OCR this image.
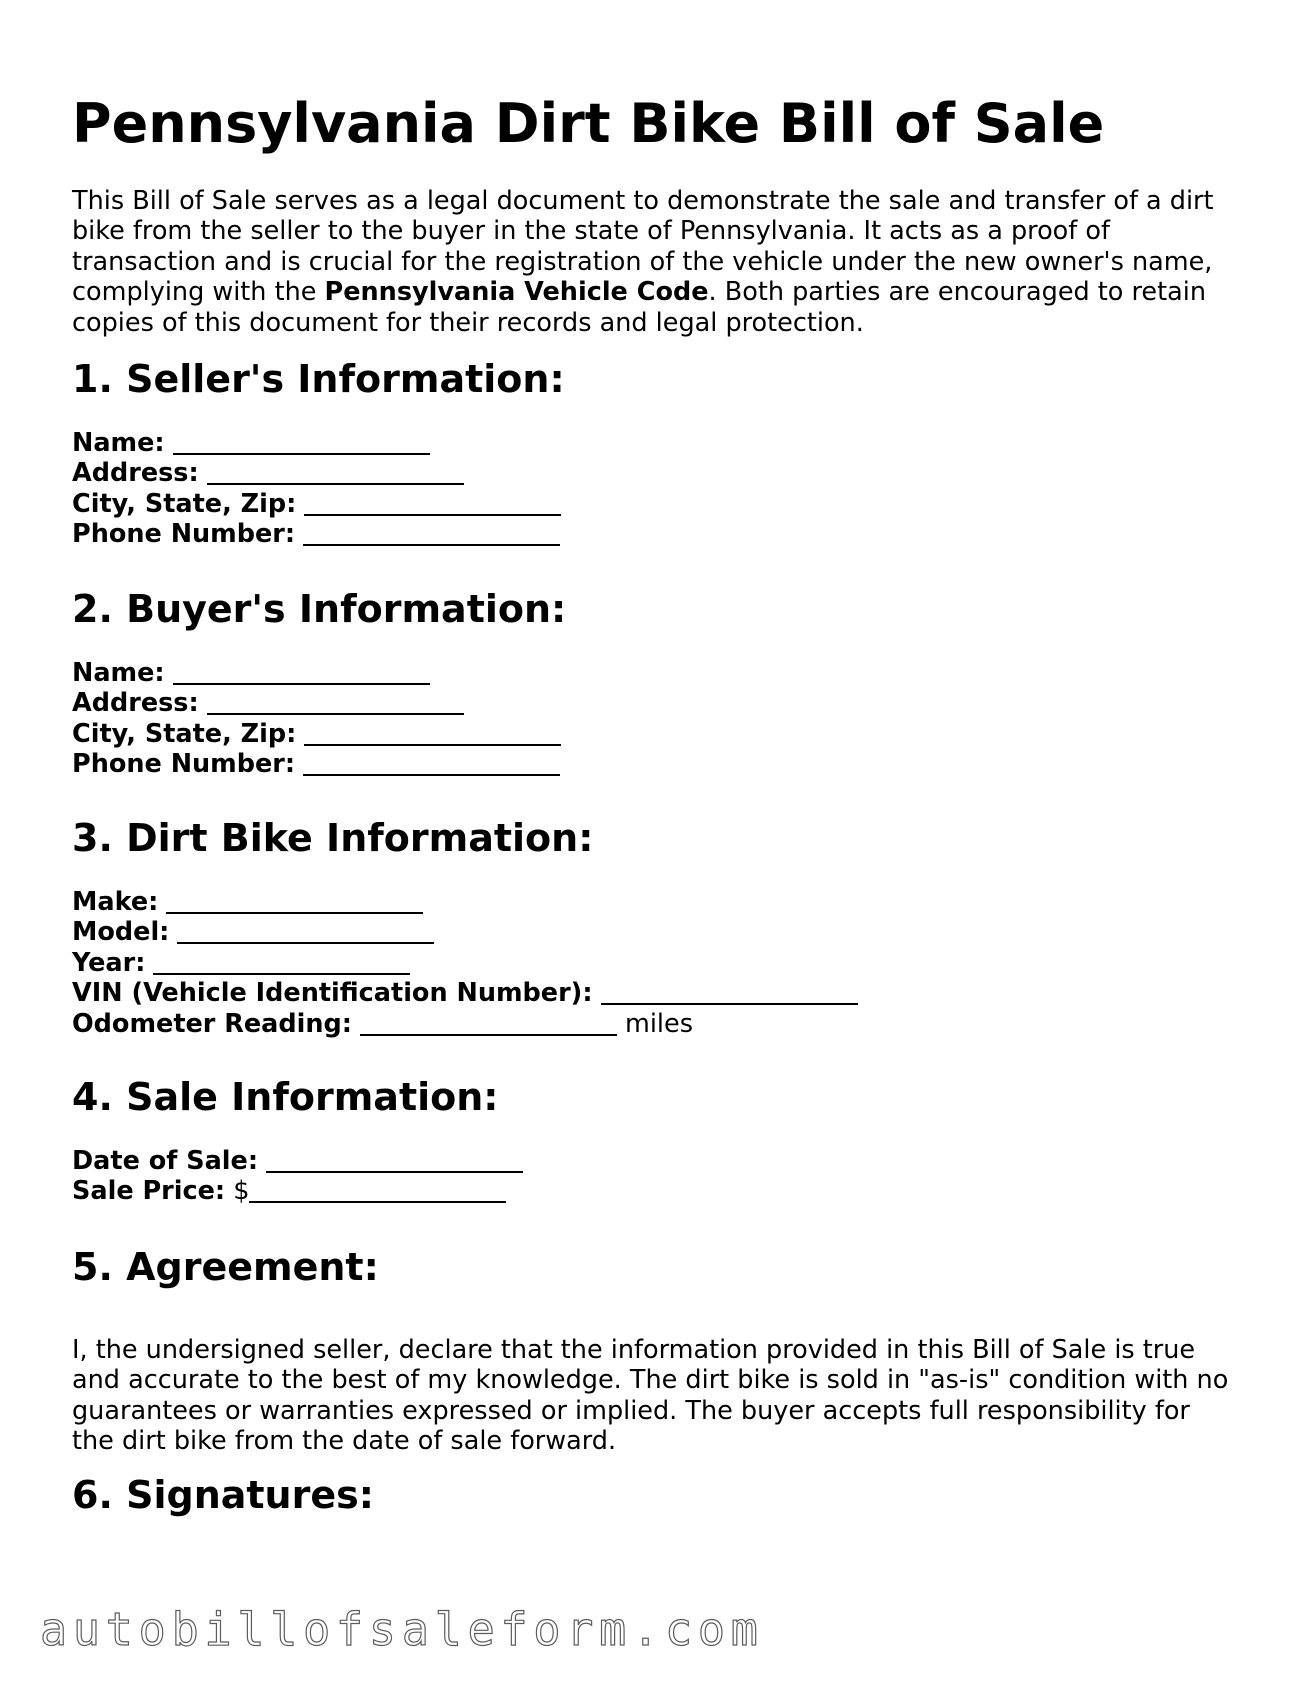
Pennsylvania Dirt Bike Bill of Sale

This Bill of Sale serves as a legal document to demonstrate the sale and transfer of a dirt bike from the seller to the buyer in the state of Pennsylvania. It acts as a proof of transaction and is crucial for the registration of the vehicle under the new owner's name, complying with the Pennsylvania Vehicle Code. Both parties are encouraged to retain copies of this document for their records and legal protection.

1. Seller's Information:
Name:
Address:
City, State, Zip:
Phone Number:
2. Buyer's Information:
Name:
Address:
City, State, Zip:
Phone Number:
3. Dirt Bike Information:
Make:
Model:
Year:
VIN (Vehicle Identification Number):
Odometer Reading:	miles
4. Sale Information:
Date of Sale:
Sale Price: $
5. Agreement:

I, the undersigned seller, declare that the information provided in this Bill of Sale is true and accurate to the best of my knowledge. The dirt bike is sold in "as-is" condition with no guarantees or warranties expressed or implied. The buyer accepts full responsibility for the dirt bike from the date of sale forward.

6. Signatures:
autobillofsaleform.com
